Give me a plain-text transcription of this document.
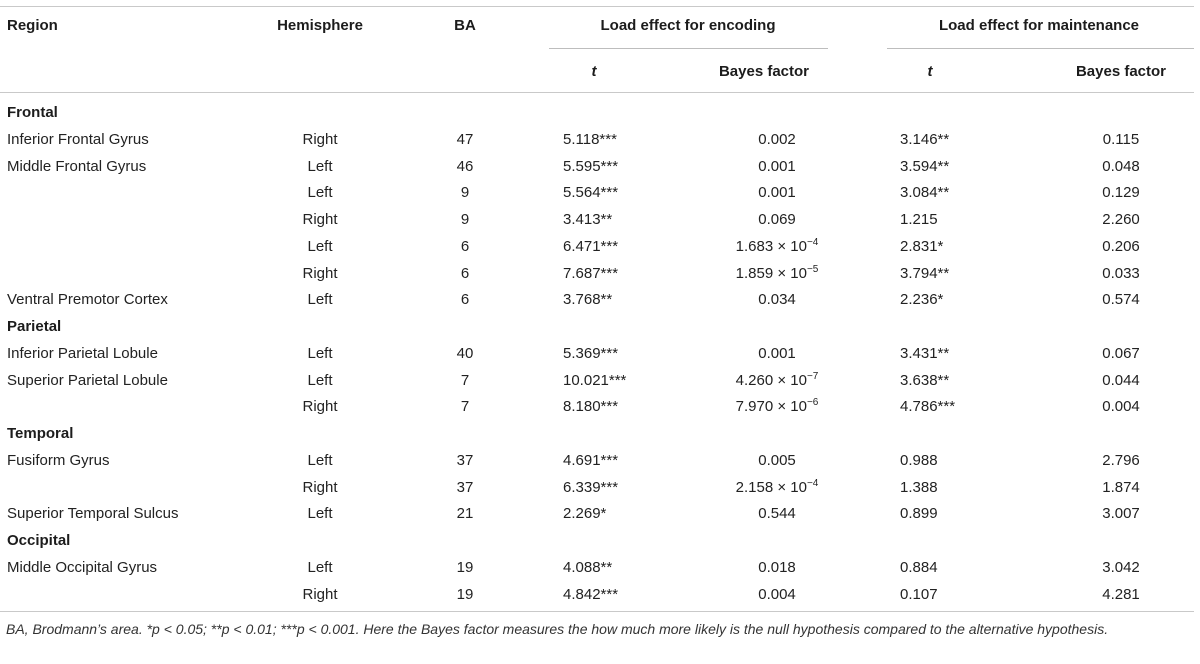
Region	Hemisphere	BA	Load effect for encoding	Load effect for maintenance
t	Bayes factor	t	Bayes factor
Frontal
Inferior Frontal Gyrus	Right	47	5.118***	0.002	3.146**	0.115
Middle Frontal Gyrus	Left	46	5.595***	0.001	3.594**	0.048
Left	9	5.564***	0.001	3.084**	0.129
Right	9	3.413**	0.069	1.215	2.260
Left	6	6.471***	$1.683 \times 10^{-4}$	2.831*	0.206
Right	6	7.687***	$1.859 \times 10^{-5}$	3.794**	0.033
Ventral Premotor Cortex	Left	6	3.768**	0.034	2.236*	0.574
Parietal
Inferior Parietal Lobule	Left	40	5.369***	0.001	3.431**	0.067
Superior Parietal Lobule	Left	7	10.021***	$4.260 \times 10^{-7}$	3.638**	0.044
Right	7	8.180***	$7.970 \times 10^{-6}$	4.786***	0.004
Temporal
Fusiform Gyrus	Left	37	4.691***	0.005	0.988	2.796
Right	37	6.339***	$2.158 \times 10^{-4}$	1.388	1.874
Superior Temporal Sulcus	Left	21	2.269*	0.544	0.899	3.007
Occipital
Middle Occipital Gyrus	Left	19	4.088**	0.018	0.884	3.042
Right	19	4.842***	0.004	0.107	4.281
BA, Brodmann’s area. *p < 0.05; **p < 0.01; ***p < 0.001. Here the Bayes factor measures the how much more likely is the null hypothesis compared to the alternative hypothesis.
